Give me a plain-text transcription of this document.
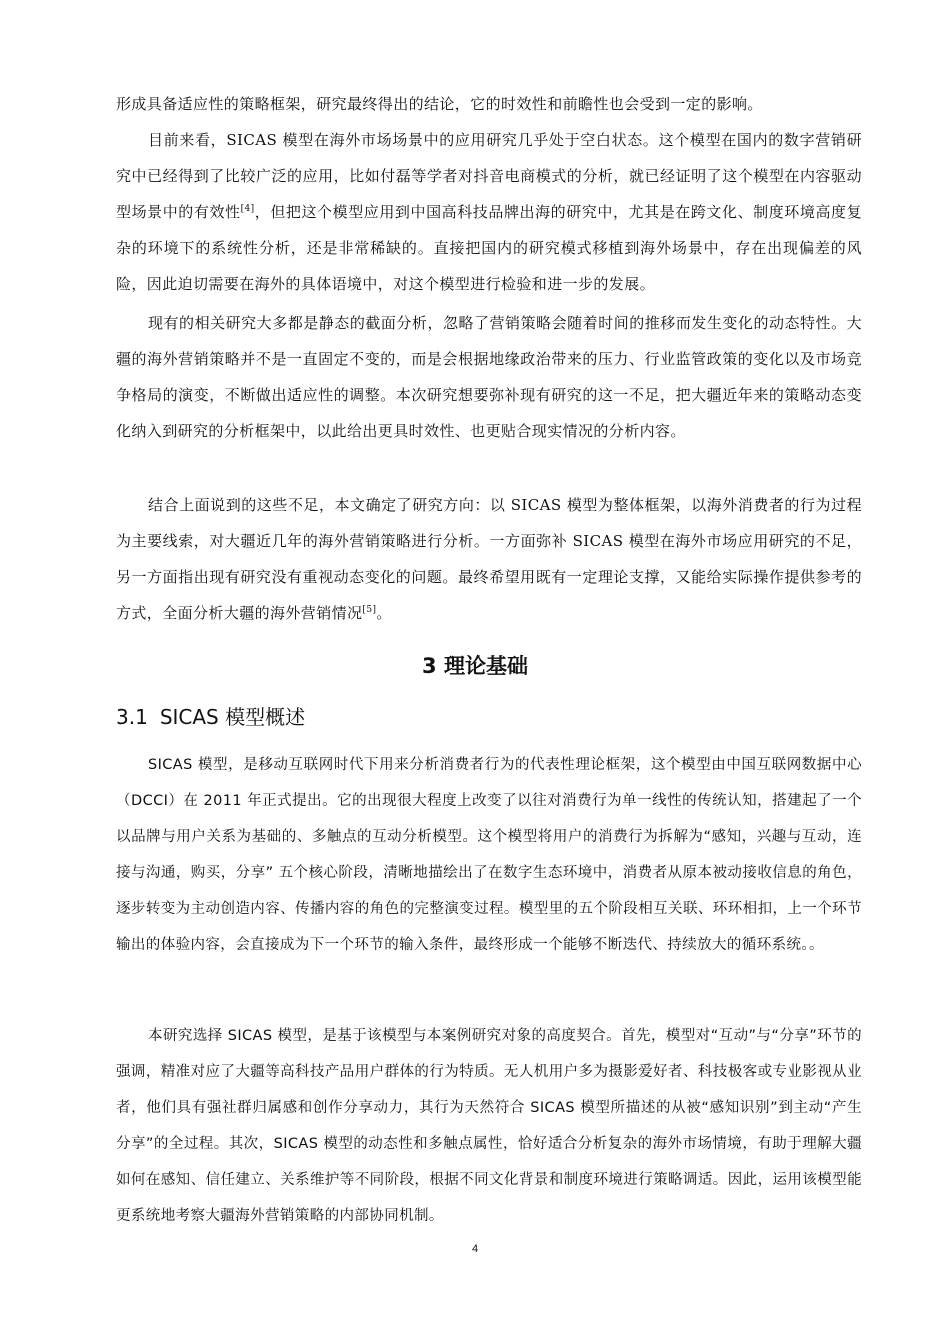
形成具备适应性的策略框架，研究最终得出的结论，它的时效性和前瞻性也会受到一定的影响。

目前来看，SICAS 模型在海外市场场景中的应用研究几乎处于空白状态。这个模型在国内的数字营销研究中已经得到了比较广泛的应用，比如付磊等学者对抖音电商模式的分析，就已经证明了这个模型在内容驱动型场景中的有效性[4]，但把这个模型应用到中国高科技品牌出海的研究中，尤其是在跨文化、制度环境高度复杂的环境下的系统性分析，还是非常稀缺的。直接把国内的研究模式移植到海外场景中，存在出现偏差的风险，因此迫切需要在海外的具体语境中，对这个模型进行检验和进一步的发展。

现有的相关研究大多都是静态的截面分析，忽略了营销策略会随着时间的推移而发生变化的动态特性。大疆的海外营销策略并不是一直固定不变的，而是会根据地缘政治带来的压力、行业监管政策的变化以及市场竞争格局的演变，不断做出适应性的调整。本次研究想要弥补现有研究的这一不足，把大疆近年来的策略动态变化纳入到研究的分析框架中，以此给出更具时效性、也更贴合现实情况的分析内容。

结合上面说到的这些不足，本文确定了研究方向：以 SICAS 模型为整体框架，以海外消费者的行为过程为主要线索，对大疆近几年的海外营销策略进行分析。一方面弥补 SICAS 模型在海外市场应用研究的不足，另一方面指出现有研究没有重视动态变化的问题。最终希望用既有一定理论支撑，又能给实际操作提供参考的方式，全面分析大疆的海外营销情况[5]。

3 理论基础
3.1 SICAS 模型概述

SICAS 模型，是移动互联网时代下用来分析消费者行为的代表性理论框架，这个模型由中国互联网数据中心（DCCI）在 2011 年正式提出。它的出现很大程度上改变了以往对消费行为单一线性的传统认知，搭建起了一个以品牌与用户关系为基础的、多触点的互动分析模型。这个模型将用户的消费行为拆解为“感知，兴趣与互动，连接与沟通，购买，分享” 五个核心阶段，清晰地描绘出了在数字生态环境中，消费者从原本被动接收信息的角色，逐步转变为主动创造内容、传播内容的角色的完整演变过程。模型里的五个阶段相互关联、环环相扣，上一个环节输出的体验内容，会直接成为下一个环节的输入条件，最终形成一个能够不断迭代、持续放大的循环系统。。

本研究选择 SICAS 模型，是基于该模型与本案例研究对象的高度契合。首先，模型对“互动”与“分享”环节的强调，精准对应了大疆等高科技产品用户群体的行为特质。无人机用户多为摄影爱好者、科技极客或专业影视从业者，他们具有强社群归属感和创作分享动力，其行为天然符合 SICAS 模型所描述的从被“感知识别”到主动“产生分享”的全过程。其次，SICAS 模型的动态性和多触点属性，恰好适合分析复杂的海外市场情境，有助于理解大疆如何在感知、信任建立、关系维护等不同阶段，根据不同文化背景和制度环境进行策略调适。因此，运用该模型能更系统地考察大疆海外营销策略的内部协同机制。

4
